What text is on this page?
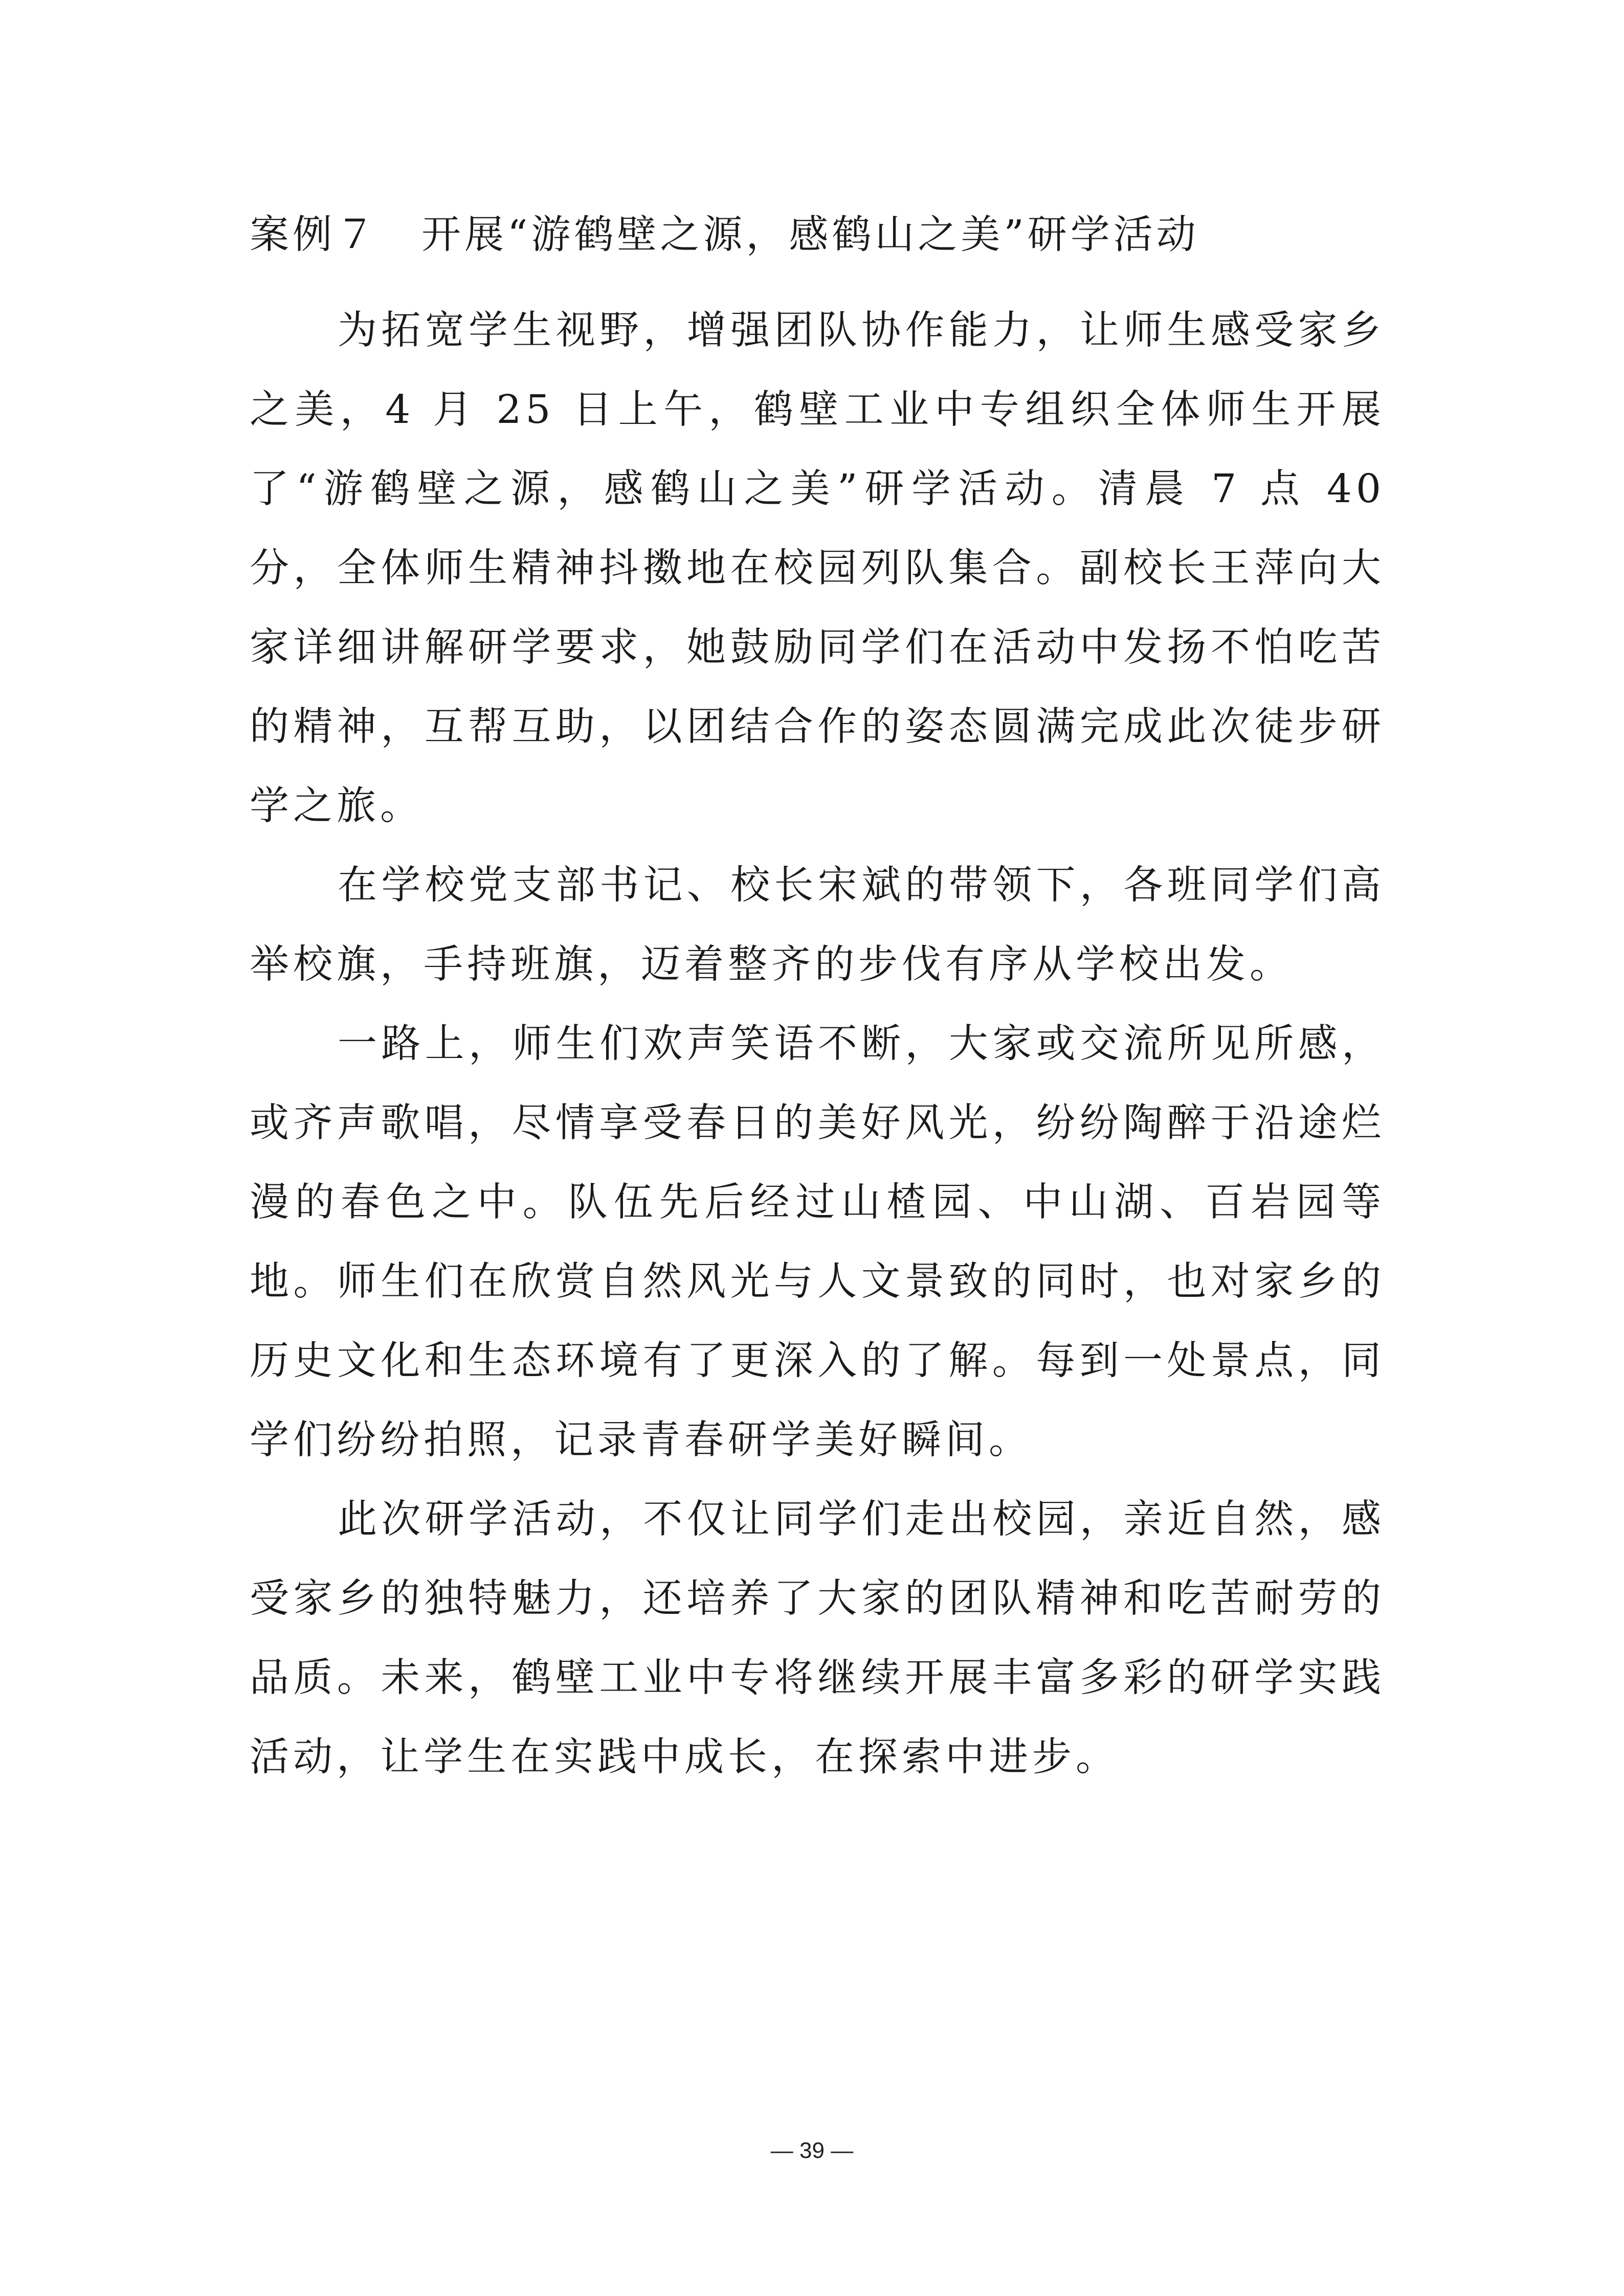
案例７　开展“游鹤壁之源，感鹤山之美”研学活动

为拓宽学生视野，增强团队协作能力，让师生感受家乡之美，4 月 25 日上午，鹤壁工业中专组织全体师生开展了“游鹤壁之源，感鹤山之美”研学活动。清晨 7 点 40 分，全体师生精神抖擞地在校园列队集合。副校长王萍向大家详细讲解研学要求，她鼓励同学们在活动中发扬不怕吃苦的精神，互帮互助，以团结合作的姿态圆满完成此次徒步研学之旅。

在学校党支部书记、校长宋斌的带领下，各班同学们高举校旗，手持班旗，迈着整齐的步伐有序从学校出发。

一路上，师生们欢声笑语不断，大家或交流所见所感，或齐声歌唱，尽情享受春日的美好风光，纷纷陶醉于沿途烂漫的春色之中。队伍先后经过山楂园、中山湖、百岩园等地。师生们在欣赏自然风光与人文景致的同时，也对家乡的历史文化和生态环境有了更深入的了解。每到一处景点，同学们纷纷拍照，记录青春研学美好瞬间。

此次研学活动，不仅让同学们走出校园，亲近自然，感受家乡的独特魅力，还培养了大家的团队精神和吃苦耐劳的品质。未来，鹤壁工业中专将继续开展丰富多彩的研学实践活动，让学生在实践中成长，在探索中进步。

— 39 —
